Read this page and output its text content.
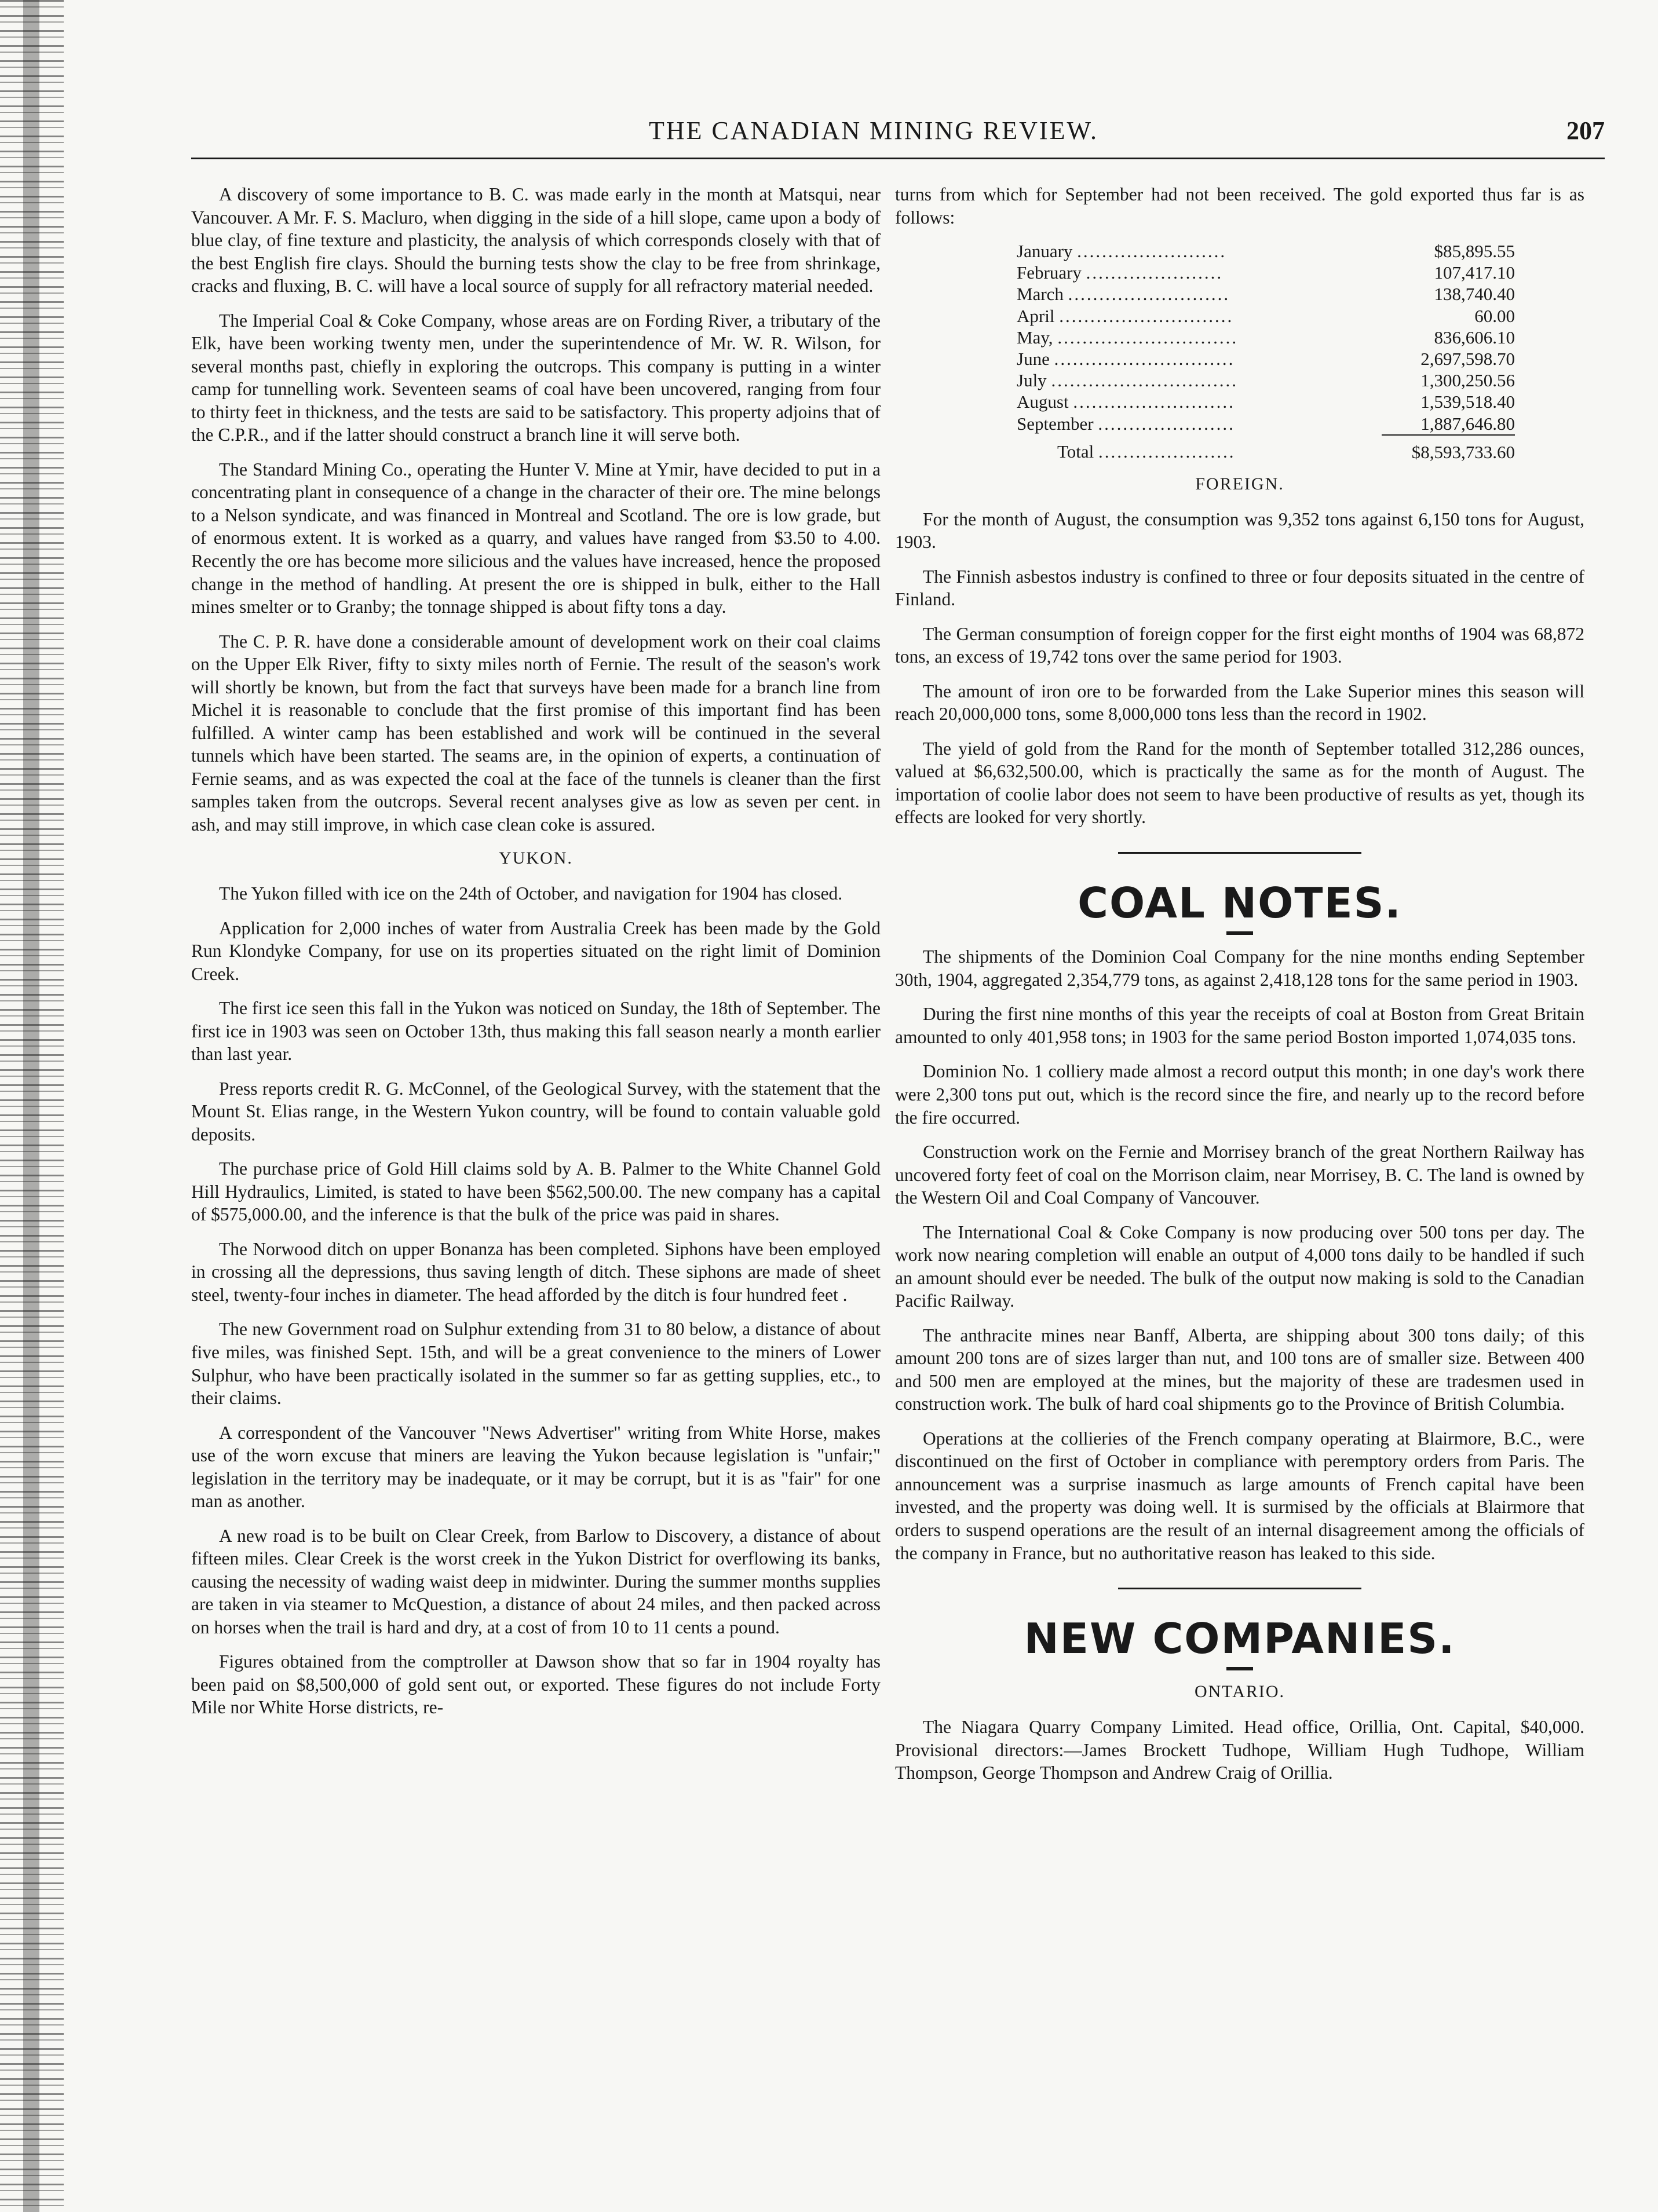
THE CANADIAN MINING REVIEW.	207

A discovery of some importance to B. C. was made early in the month at Matsqui, near Vancouver. A Mr. F. S. Macluro, when digging in the side of a hill slope, came upon a body of blue clay, of fine texture and plasticity, the analysis of which corresponds closely with that of the best English fire clays. Should the burning tests show the clay to be free from shrinkage, cracks and fluxing, B. C. will have a local source of supply for all refractory material needed.

The Imperial Coal & Coke Company, whose areas are on Fording River, a tributary of the Elk, have been working twenty men, under the superintendence of Mr. W. R. Wilson, for several months past, chiefly in exploring the outcrops. This company is putting in a winter camp for tunnelling work. Seventeen seams of coal have been uncovered, ranging from four to thirty feet in thickness, and the tests are said to be satisfactory. This property adjoins that of the C.P.R., and if the latter should construct a branch line it will serve both.

The Standard Mining Co., operating the Hunter V. Mine at Ymir, have decided to put in a concentrating plant in consequence of a change in the character of their ore. The mine belongs to a Nelson syndicate, and was financed in Montreal and Scotland. The ore is low grade, but of enormous extent. It is worked as a quarry, and values have ranged from $3.50 to 4.00. Recently the ore has become more silicious and the values have increased, hence the proposed change in the method of handling. At present the ore is shipped in bulk, either to the Hall mines smelter or to Granby; the tonnage shipped is about fifty tons a day.

The C. P. R. have done a considerable amount of development work on their coal claims on the Upper Elk River, fifty to sixty miles north of Fernie. The result of the season's work will shortly be known, but from the fact that surveys have been made for a branch line from Michel it is reasonable to conclude that the first promise of this important find has been fulfilled. A winter camp has been established and work will be continued in the several tunnels which have been started. The seams are, in the opinion of experts, a continuation of Fernie seams, and as was expected the coal at the face of the tunnels is cleaner than the first samples taken from the outcrops. Several recent analyses give as low as seven per cent. in ash, and may still improve, in which case clean coke is assured.

YUKON.

The Yukon filled with ice on the 24th of October, and navigation for 1904 has closed.

Application for 2,000 inches of water from Australia Creek has been made by the Gold Run Klondyke Company, for use on its properties situated on the right limit of Dominion Creek.

The first ice seen this fall in the Yukon was noticed on Sunday, the 18th of September. The first ice in 1903 was seen on October 13th, thus making this fall season nearly a month earlier than last year.

Press reports credit R. G. McConnel, of the Geological Survey, with the statement that the Mount St. Elias range, in the Western Yukon country, will be found to contain valuable gold deposits.

The purchase price of Gold Hill claims sold by A. B. Palmer to the White Channel Gold Hill Hydraulics, Limited, is stated to have been $562,500.00. The new company has a capital of $575,000.00, and the inference is that the bulk of the price was paid in shares.

The Norwood ditch on upper Bonanza has been completed. Siphons have been employed in crossing all the depressions, thus saving length of ditch. These siphons are made of sheet steel, twenty-four inches in diameter. The head afforded by the ditch is four hundred feet .

The new Government road on Sulphur extending from 31 to 80 below, a distance of about five miles, was finished Sept. 15th, and will be a great convenience to the miners of Lower Sulphur, who have been practically isolated in the summer so far as getting supplies, etc., to their claims.

A correspondent of the Vancouver "News Advertiser" writing from White Horse, makes use of the worn excuse that miners are leaving the Yukon because legislation is "unfair;" legislation in the territory may be inadequate, or it may be corrupt, but it is as "fair" for one man as another.

A new road is to be built on Clear Creek, from Barlow to Discovery, a distance of about fifteen miles. Clear Creek is the worst creek in the Yukon District for overflowing its banks, causing the necessity of wading waist deep in midwinter. During the summer months supplies are taken in via steamer to McQuestion, a distance of about 24 miles, and then packed across on horses when the trail is hard and dry, at a cost of from 10 to 11 cents a pound.

Figures obtained from the comptroller at Dawson show that so far in 1904 royalty has been paid on $8,500,000 of gold sent out, or exported. These figures do not include Forty Mile nor White Horse districts, re-

turns from which for September had not been received. The gold exported thus far is as follows:

January ........................	$85,895.55
February ......................	107,417.10
March ..........................	138,740.40
April ............................	60.00
May, .............................	836,606.10
June .............................	2,697,598.70
July ..............................	1,300,250.56
August ..........................	1,539,518.40
September ......................	1,887,646.80
Total ......................	$8,593,733.60
FOREIGN.

For the month of August, the consumption was 9,352 tons against 6,150 tons for August, 1903.

The Finnish asbestos industry is confined to three or four deposits situated in the centre of Finland.

The German consumption of foreign copper for the first eight months of 1904 was 68,872 tons, an excess of 19,742 tons over the same period for 1903.

The amount of iron ore to be forwarded from the Lake Superior mines this season will reach 20,000,000 tons, some 8,000,000 tons less than the record in 1902.

The yield of gold from the Rand for the month of September totalled 312,286 ounces, valued at $6,632,500.00, which is practically the same as for the month of August. The importation of coolie labor does not seem to have been productive of results as yet, though its effects are looked for very shortly.

COAL NOTES.

The shipments of the Dominion Coal Company for the nine months ending September 30th, 1904, aggregated 2,354,779 tons, as against 2,418,128 tons for the same period in 1903.

During the first nine months of this year the receipts of coal at Boston from Great Britain amounted to only 401,958 tons; in 1903 for the same period Boston imported 1,074,035 tons.

Dominion No. 1 colliery made almost a record output this month; in one day's work there were 2,300 tons put out, which is the record since the fire, and nearly up to the record before the fire occurred.

Construction work on the Fernie and Morrisey branch of the great Northern Railway has uncovered forty feet of coal on the Morrison claim, near Morrisey, B. C. The land is owned by the Western Oil and Coal Company of Vancouver.

The International Coal & Coke Company is now producing over 500 tons per day. The work now nearing completion will enable an output of 4,000 tons daily to be handled if such an amount should ever be needed. The bulk of the output now making is sold to the Canadian Pacific Railway.

The anthracite mines near Banff, Alberta, are shipping about 300 tons daily; of this amount 200 tons are of sizes larger than nut, and 100 tons are of smaller size. Between 400 and 500 men are employed at the mines, but the majority of these are tradesmen used in construction work. The bulk of hard coal shipments go to the Province of British Columbia.

Operations at the collieries of the French company operating at Blairmore, B.C., were discontinued on the first of October in compliance with peremptory orders from Paris. The announcement was a surprise inasmuch as large amounts of French capital have been invested, and the property was doing well. It is surmised by the officials at Blairmore that orders to suspend operations are the result of an internal disagreement among the officials of the company in France, but no authoritative reason has leaked to this side.

NEW COMPANIES.
ONTARIO.

The Niagara Quarry Company Limited. Head office, Orillia, Ont. Capital, $40,000. Provisional directors:—James Brockett Tudhope, William Hugh Tudhope, William Thompson, George Thompson and Andrew Craig of Orillia.
